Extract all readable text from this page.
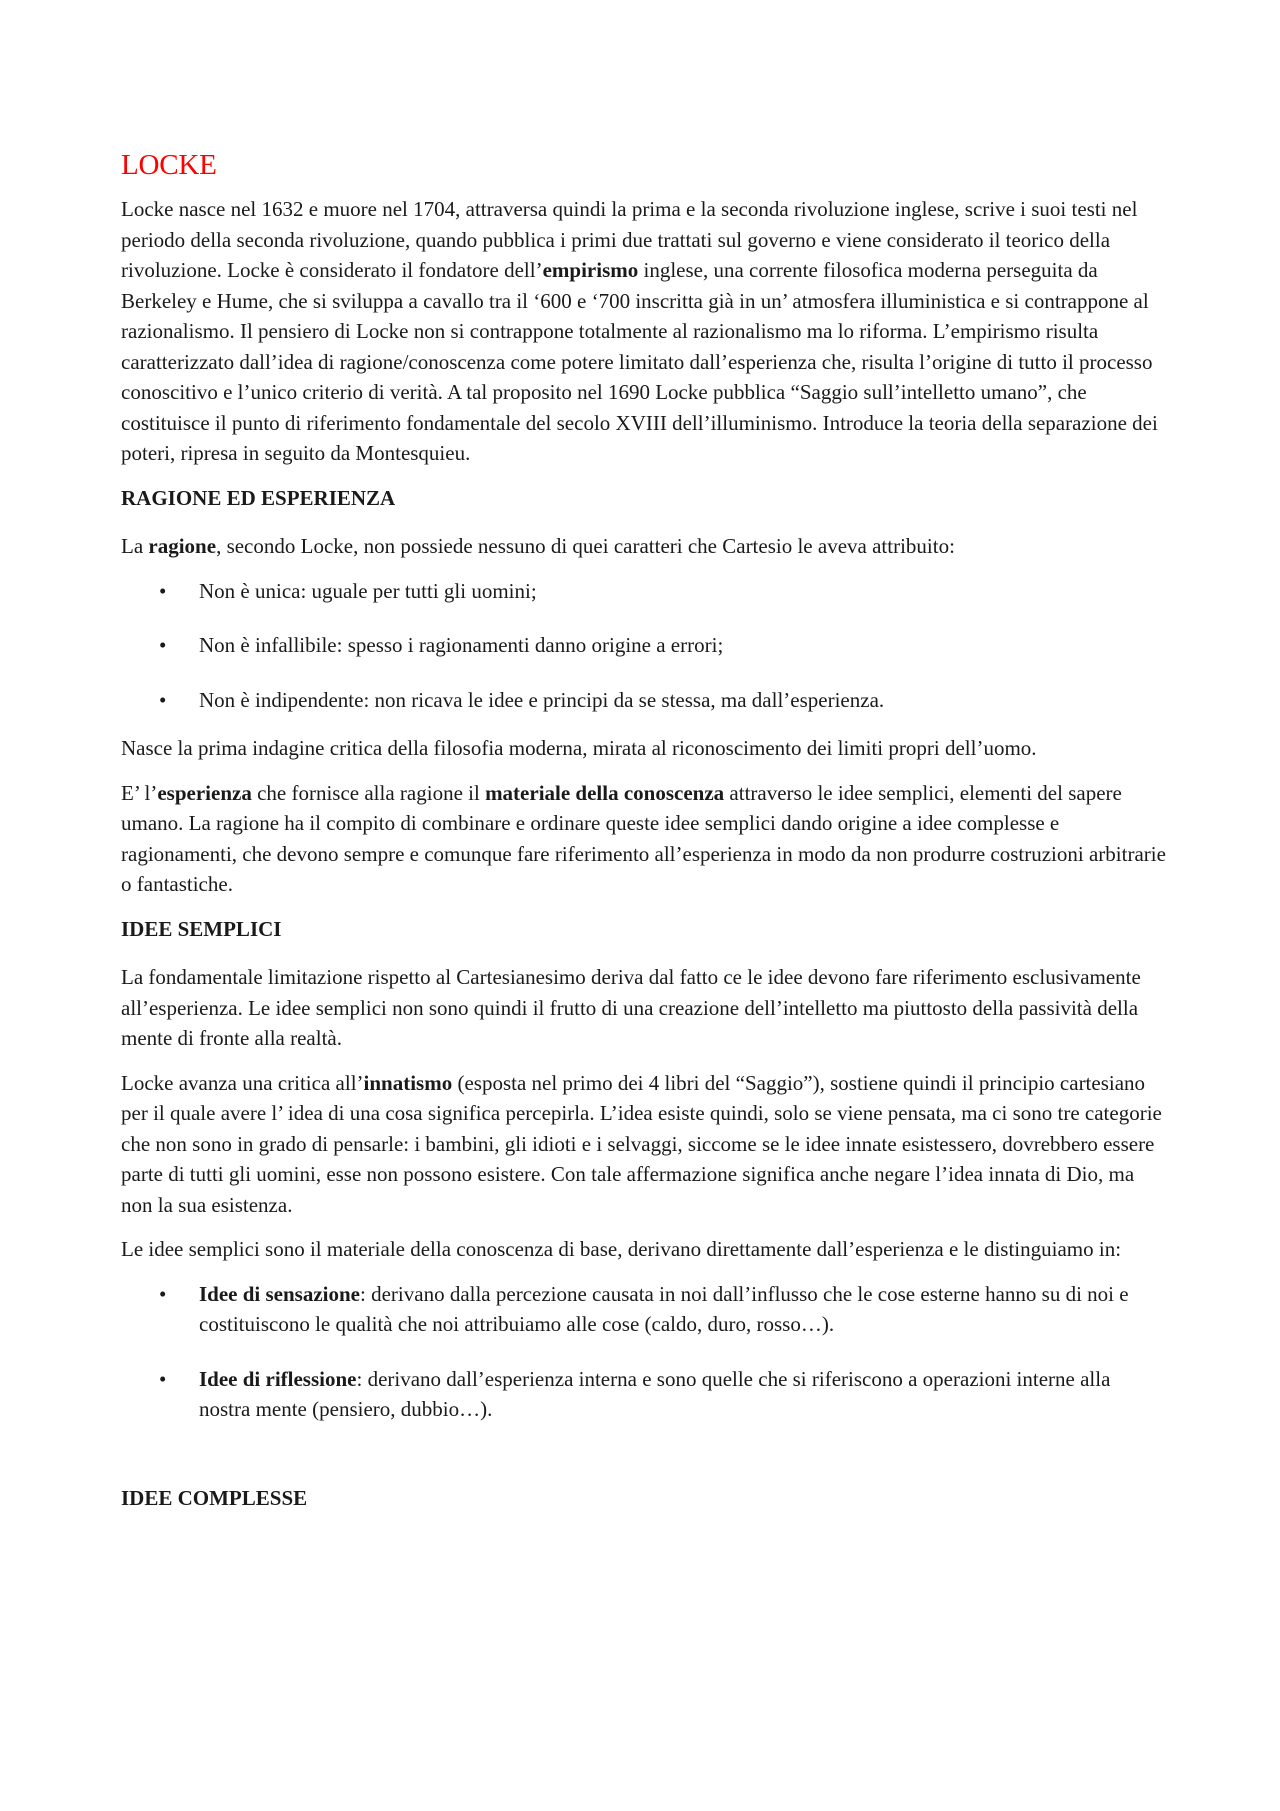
LOCKE

Locke nasce nel 1632 e muore nel 1704, attraversa quindi la prima e la seconda rivoluzione inglese, scrive i suoi testi nel periodo della seconda rivoluzione, quando pubblica i primi due trattati sul governo e viene considerato il teorico della rivoluzione. Locke è considerato il fondatore dell’empirismo inglese, una corrente filosofica moderna perseguita da Berkeley e Hume, che si sviluppa a cavallo tra il ‘600 e ‘700 inscritta già in un’ atmosfera illuministica e si contrappone al razionalismo. Il pensiero di Locke non si contrappone totalmente al razionalismo ma lo riforma. L’empirismo risulta caratterizzato dall’idea di ragione/conoscenza come potere limitato dall’esperienza che, risulta l’origine di tutto il processo conoscitivo e l’unico criterio di verità. A tal proposito nel 1690 Locke pubblica “Saggio sull’intelletto umano”, che costituisce il punto di riferimento fondamentale del secolo XVIII dell’illuminismo. Introduce la teoria della separazione dei poteri, ripresa in seguito da Montesquieu.

RAGIONE ED ESPERIENZA

La ragione, secondo Locke, non possiede nessuno di quei caratteri che Cartesio le aveva attribuito:

• Non è unica: uguale per tutti gli uomini;
• Non è infallibile: spesso i ragionamenti danno origine a errori;
• Non è indipendente: non ricava le idee e principi da se stessa, ma dall’esperienza.

Nasce la prima indagine critica della filosofia moderna, mirata al riconoscimento dei limiti propri dell’uomo.

E’ l’esperienza che fornisce alla ragione il materiale della conoscenza attraverso le idee semplici, elementi del sapere umano. La ragione ha il compito di combinare e ordinare queste idee semplici dando origine a idee complesse e ragionamenti, che devono sempre e comunque fare riferimento all’esperienza in modo da non produrre costruzioni arbitrarie o fantastiche.

IDEE SEMPLICI

La fondamentale limitazione rispetto al Cartesianesimo deriva dal fatto ce le idee devono fare riferimento esclusivamente all’esperienza. Le idee semplici non sono quindi il frutto di una creazione dell’intelletto ma piuttosto della passività della mente di fronte alla realtà.

Locke avanza una critica all’innatismo (esposta nel primo dei 4 libri del “Saggio”), sostiene quindi il principio cartesiano per il quale avere l’ idea di una cosa significa percepirla. L’idea esiste quindi, solo se viene pensata, ma ci sono tre categorie che non sono in grado di pensarle: i bambini, gli idioti e i selvaggi, siccome se le idee innate esistessero, dovrebbero essere parte di tutti gli uomini, esse non possono esistere. Con tale affermazione significa anche negare l’idea innata di Dio, ma non la sua esistenza.

Le idee semplici sono il materiale della conoscenza di base, derivano direttamente dall’esperienza e le distinguiamo in:

• Idee di sensazione: derivano dalla percezione causata in noi dall’influsso che le cose esterne hanno su di noi e costituiscono le qualità che noi attribuiamo alle cose (caldo, duro, rosso…).
• Idee di riflessione: derivano dall’esperienza interna e sono quelle che si riferiscono a operazioni interne alla nostra mente (pensiero, dubbio…).
IDEE COMPLESSE
